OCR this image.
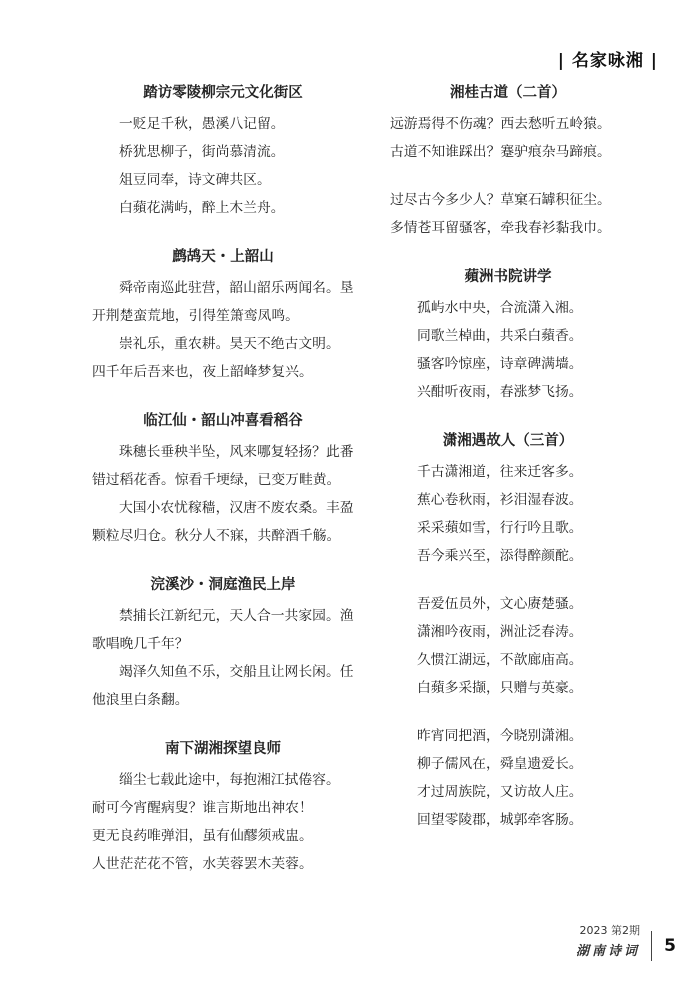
| 名家咏湘 |
踏访零陵柳宗元文化街区
一贬足千秋，愚溪八记留。
桥犹思柳子，街尚慕清流。
俎豆同奉，诗文碑共区。
白蘋花满屿，醉上木兰舟。
鹧鸪天・上韶山
舜帝南巡此驻营，韶山韶乐两闻名。垦开荆楚蛮荒地，引得笙箫鸾凤鸣。
崇礼乐，重农耕。昊天不绝古文明。
四千年后吾来也，夜上韶峰梦复兴。
临江仙・韶山冲喜看稻谷
珠穗长垂秧半坠，风来哪复轻扬？此番错过稻花香。惊看千埂绿，已变万畦黄。
大国小农忧稼穑，汉唐不废农桑。丰盈颗粒尽归仓。秋分人不寐，共醉酒千觞。
浣溪沙・洞庭渔民上岸
禁捕长江新纪元，天人合一共家园。渔歌唱晚几千年？
竭泽久知鱼不乐，交船且让网长闲。任他浪里白条翻。
南下湖湘探望良师
缁尘七载此途中，每抱湘江拭倦容。
耐可今宵醒病叟？谁言斯地出神农！
更无良药唯弹泪，虽有仙醪须戒盅。
人世茫茫花不管，水芙蓉罢木芙蓉。
湘桂古道（二首）
远游焉得不伤魂？西去愁听五岭猿。
古道不知谁踩出？蹇驴痕杂马蹄痕。
过尽古今多少人？草窠石罅积征尘。
多情苍耳留骚客，牵我春衫黏我巾。
蘋洲书院讲学
孤屿水中央，合流潇入湘。
同歌兰棹曲，共采白蘋香。
骚客吟惊座，诗章碑满墙。
兴酣听夜雨，春涨梦飞扬。
潇湘遇故人（三首）
千古潇湘道，往来迁客多。
蕉心卷秋雨，衫泪湿春波。
采采蘋如雪，行行吟且歌。
吾今乘兴至，添得醉颜酡。
吾爱伍员外，文心赓楚骚。
潇湘吟夜雨，洲沚泛春涛。
久惯江湖远，不歆廊庙高。
白蘋多采撷，只赠与英豪。
昨宵同把酒，今晓别潇湘。
柳子儒风在，舜皇遗爱长。
才过周族院，又访故人庄。
回望零陵郡，城郭牵客肠。
2023 第2期
湖南诗词 5
